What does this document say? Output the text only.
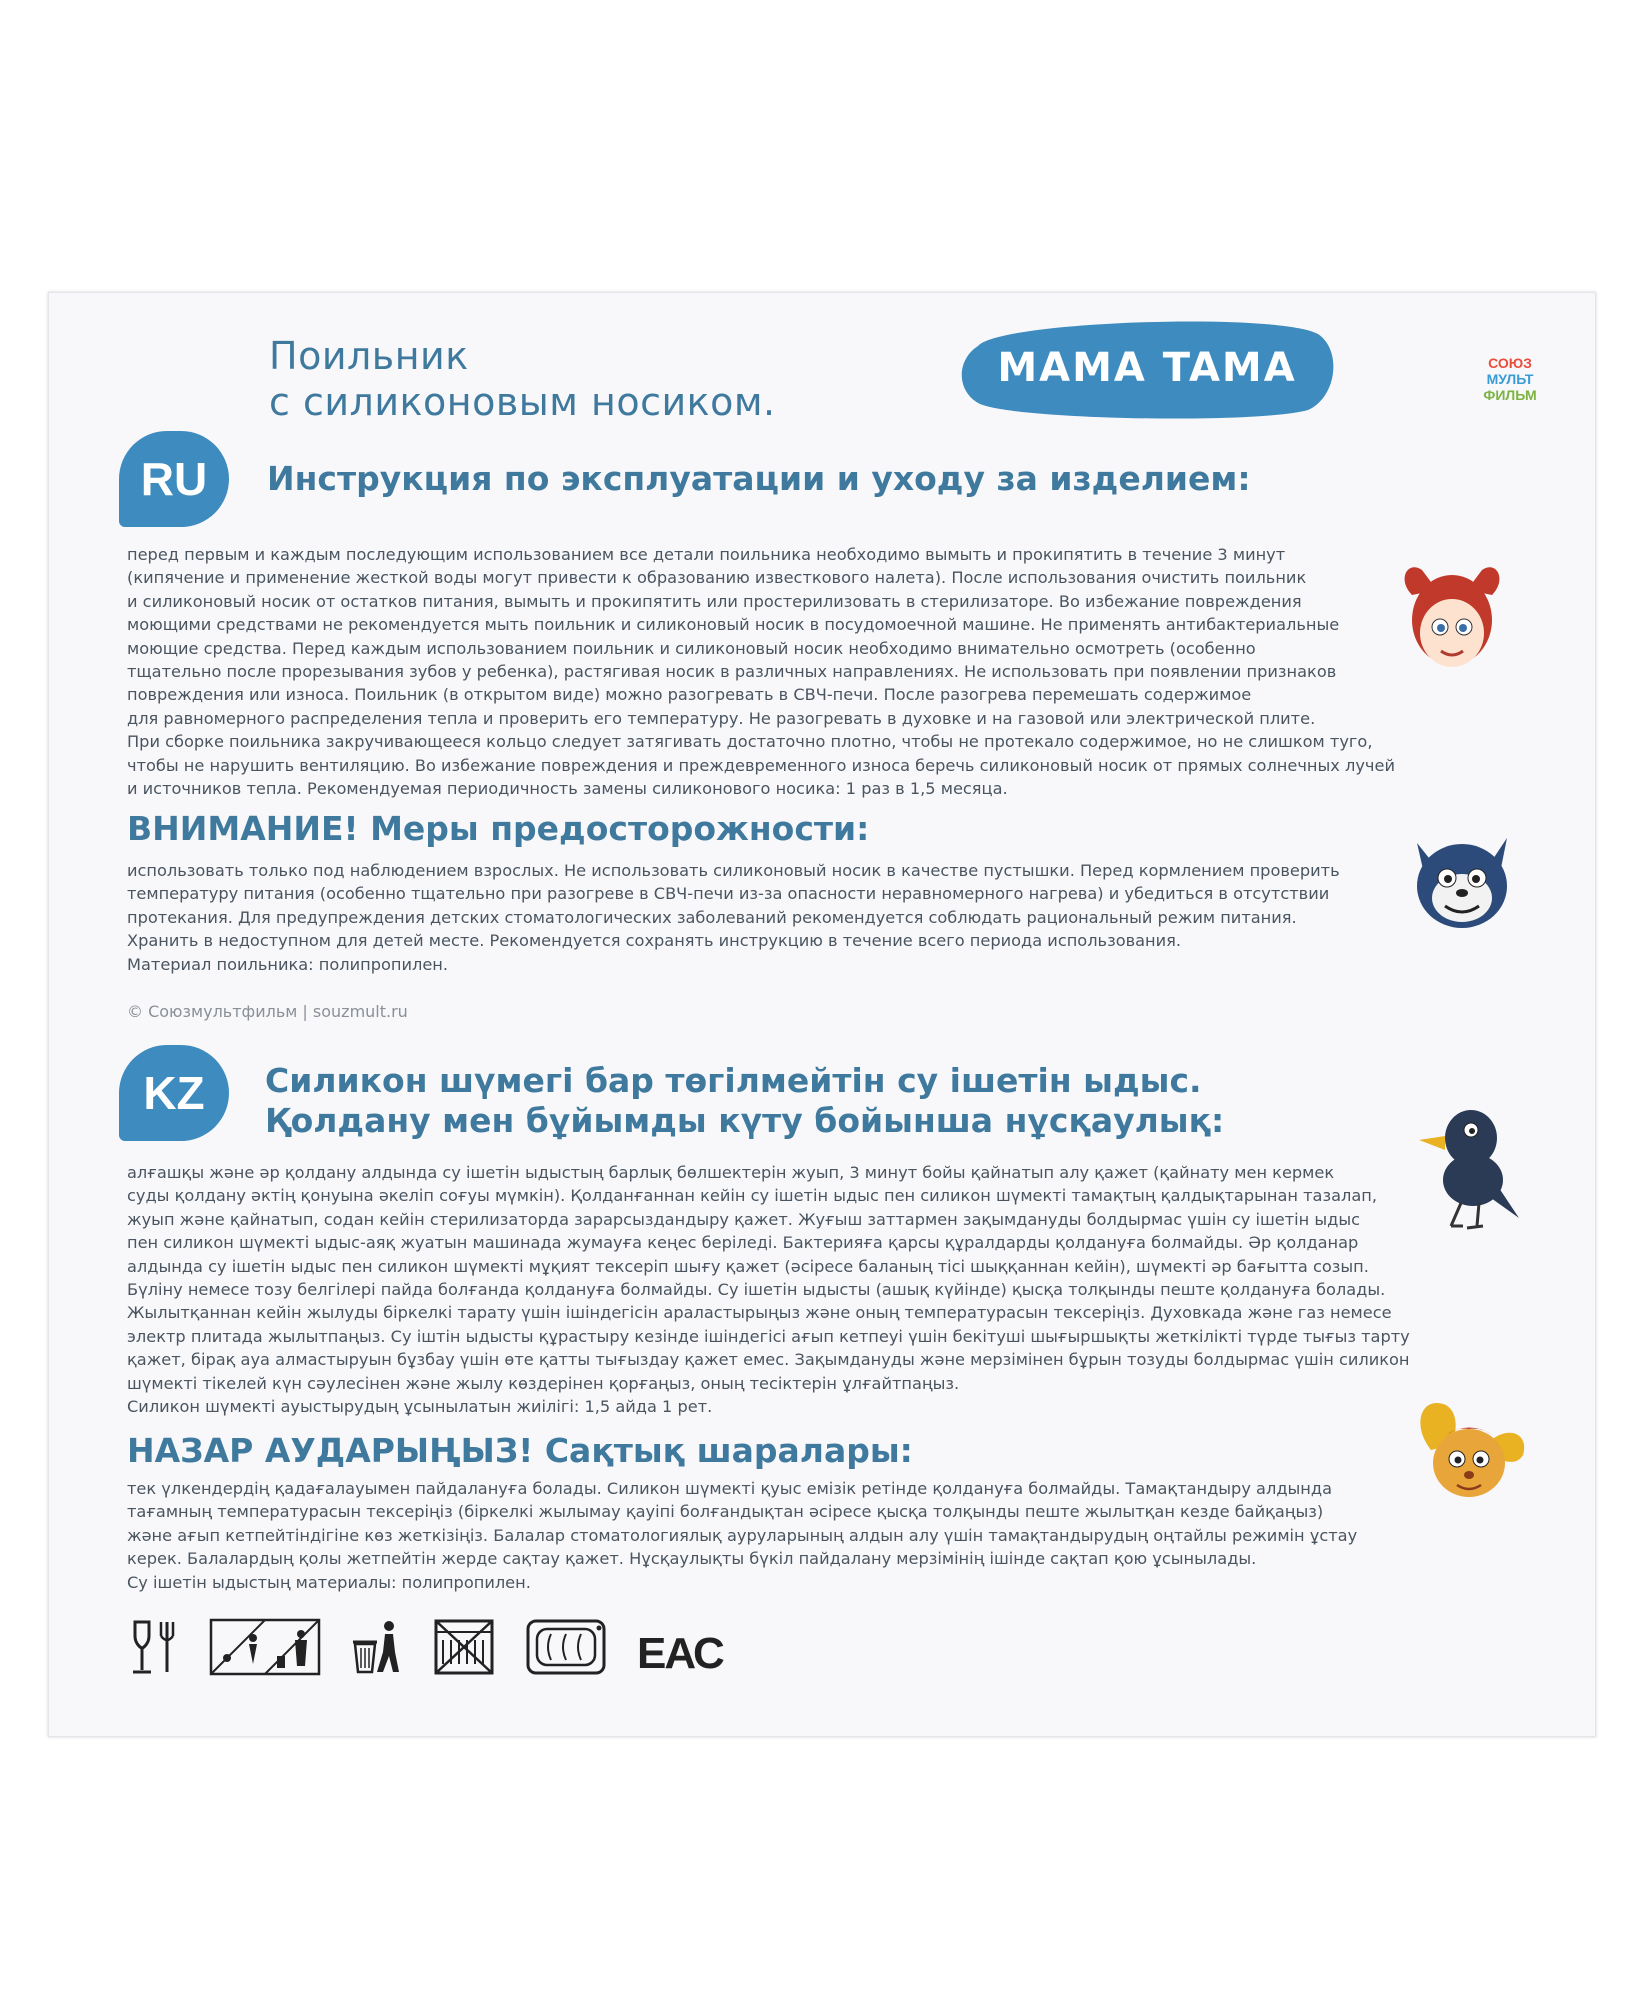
Поильник
с силиконовым носиком.
MAMA TAMA	СОЮЗ
МУЛЬТ
ФИЛЬМ
RU	Инструкция по эксплуатации и уходу за изделием:
перед первым и каждым последующим использованием все детали поильника необходимо вымыть и прокипятить в течение 3 минут
(кипячение и применение жесткой воды могут привести к образованию известкового налета). После использования очистить поильник
и силиконовый носик от остатков питания, вымыть и прокипятить или простерилизовать в стерилизаторе. Во избежание повреждения
моющими средствами не рекомендуется мыть поильник и силиконовый носик в посудомоечной машине. Не применять антибактериальные
моющие средства. Перед каждым использованием поильник и силиконовый носик необходимо внимательно осмотреть (особенно
тщательно после прорезывания зубов у ребенка), растягивая носик в различных направлениях. Не использовать при появлении признаков
повреждения или износа. Поильник (в открытом виде) можно разогревать в СВЧ-печи. После разогрева перемешать содержимое
для равномерного распределения тепла и проверить его температуру. Не разогревать в духовке и на газовой или электрической плите.
При сборке поильника закручивающееся кольцо следует затягивать достаточно плотно, чтобы не протекало содержимое, но не слишком туго,
чтобы не нарушить вентиляцию. Во избежание повреждения и преждевременного износа беречь силиконовый носик от прямых солнечных лучей
и источников тепла. Рекомендуемая периодичность замены силиконового носика: 1 раз в 1,5 месяца.
ВНИМАНИЕ! Меры предосторожности:
использовать только под наблюдением взрослых. Не использовать силиконовый носик в качестве пустышки. Перед кормлением проверить
температуру питания (особенно тщательно при разогреве в СВЧ-печи из-за опасности неравномерного нагрева) и убедиться в отсутствии
протекания. Для предупреждения детских стоматологических заболеваний рекомендуется соблюдать рациональный режим питания.
Хранить в недоступном для детей месте. Рекомендуется сохранять инструкцию в течение всего периода использования.
Материал поильника: полипропилен.
© Союзмультфильм | souzmult.ru
KZ	Силикон шүмегі бар төгілмейтін су ішетін ыдыс.
Қолдану мен бұйымды күту бойынша нұсқаулық:
алғашқы және әр қолдану алдында су ішетін ыдыстың барлық бөлшектерін жуып, 3 минут бойы қайнатып алу қажет (қайнату мен кермек
суды қолдану әктің қонуына әкеліп соғуы мүмкін). Қолданғаннан кейін су ішетін ыдыс пен силикон шүмекті тамақтың қалдықтарынан тазалап,
жуып және қайнатып, содан кейін стерилизаторда зарарсыздандыру қажет. Жуғыш заттармен зақымдануды болдырмас үшін су ішетін ыдыс
пен силикон шүмекті ыдыс-аяқ жуатын машинада жумауға кеңес беріледі. Бактерияға қарсы құралдарды қолдануға болмайды. Әр қолданар
алдында су ішетін ыдыс пен силикон шүмекті мұқият тексеріп шығу қажет (әсіресе баланың тісі шыққаннан кейін), шүмекті әр бағытта созып.
Бүліну немесе тозу белгілері пайда болғанда қолдануға болмайды. Су ішетін ыдысты (ашық күйінде) қысқа толқынды пеште қолдануға болады.
Жылытқаннан кейін жылуды біркелкі тарату үшін ішіндегісін араластырыңыз және оның температурасын тексеріңіз. Духовкада және газ немесе
электр плитада жылытпаңыз. Су іштін ыдысты құрастыру кезінде ішіндегісі ағып кетпеуі үшін бекітуші шығыршықты жеткілікті түрде тығыз тарту
қажет, бірақ ауа алмастыруын бұзбау үшін өте қатты тығыздау қажет емес. Зақымдануды және мерзімінен бұрын тозуды болдырмас үшін силикон
шүмекті тікелей күн сәулесінен және жылу көздерінен қорғаңыз, оның тесіктерін ұлғайтпаңыз.
Силикон шүмекті ауыстырудың ұсынылатын жиілігі: 1,5 айда 1 рет.
НАЗАР АУДАРЫҢЫЗ! Сақтық шаралары:
тек үлкендердің қадағалауымен пайдалануға болады. Силикон шүмекті қуыс емізік ретінде қолдануға болмайды. Тамақтандыру алдында
тағамның температурасын тексеріңіз (біркелкі жылымау қауіпі болғандықтан әсіресе қысқа толқынды пеште жылытқан кезде байқаңыз)
және ағып кетпейтіндігіне көз жеткізіңіз. Балалар стоматологиялық ауруларының алдын алу үшін тамақтандырудың оңтайлы режимін ұстау
керек. Балалардың қолы жетпейтін жерде сақтау қажет. Нұсқаулықты бүкіл пайдалану мерзімінің ішінде сақтап қою ұсынылады.
Су ішетін ыдыстың материалы: полипропилен.
ЕАС
